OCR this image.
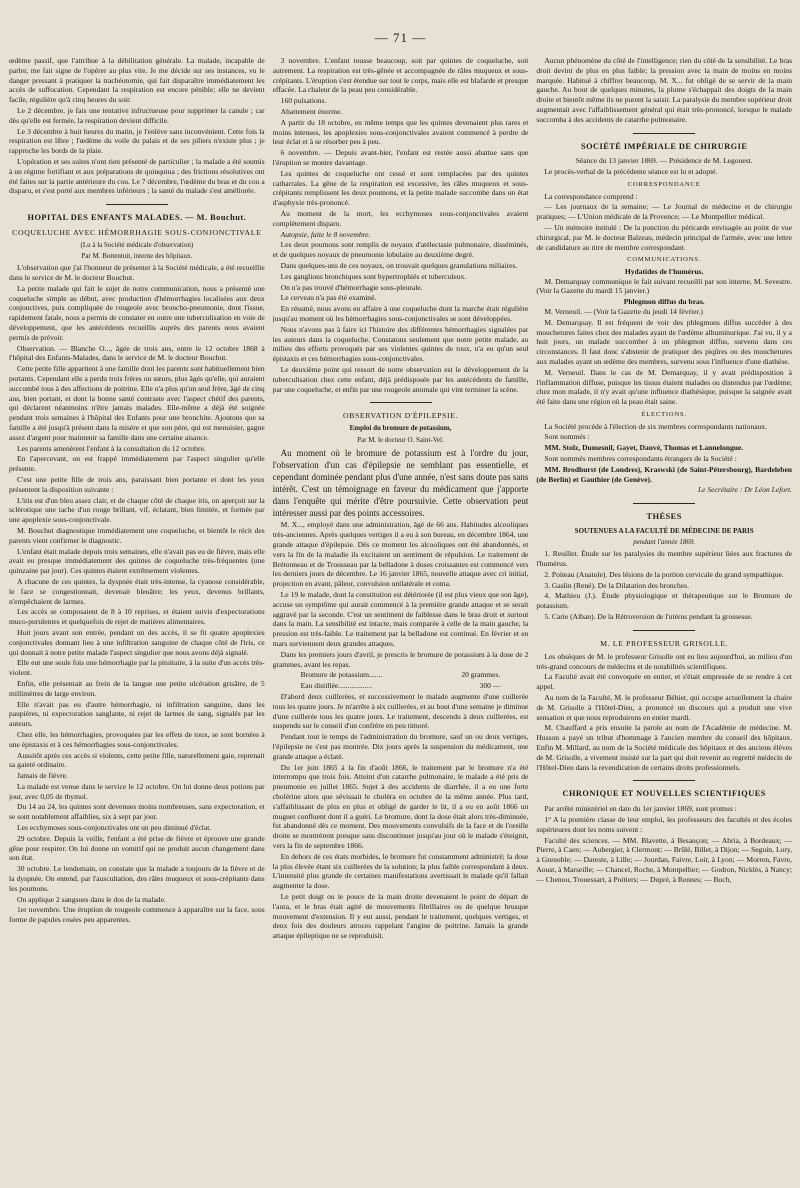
— 71 —

œdème passif, que l'attribue à la débilitation générale. La malade, incapable de parler, me fait signe de l'opérer au plus vite. Je me décide sur ses instances, vu le danger pressant à pratiquer la trachéotomie, qui fait disparaître immédiatement les accès de suffocation. Cependant la respiration est encore pénible; elle ne devient facile, régulière qu'à cinq heures du soir.

Le 2 décembre, je fais une tentative infructueuse pour supprimer la canule ; car dès qu'elle est fermée, la respiration devient difficile.

Le 3 décembre à huit heures du matin, je l'enlève sans inconvénient. Cette fois la respiration est libre ; l'œdème du voile du palais et de ses piliers n'existe plus ; je rapproche les bords de la plaie.

L'opération et ses suites n'ont rien présenté de particulier ; la malade a été soumis à un régime fortifiant et aux préparations de quinquina ; des frictions résolutives ont été faites sur la partie antérieure du cou. Le 7 décembre, l'œdème du bras et du cou a disparu, et s'est porté aux membres inférieurs ; la santé du malade s'est améliorée.

HOPITAL DES ENFANTS MALADES. — M. Bouchut.
COQUELUCHE AVEC HÉMORRHAGIE SOUS-CONJONCTIVALE
(Lu à la Société médicale d'observation)
Par M. Bottentuit, interne des hôpitaux.

L'observation que j'ai l'honneur de présenter à la Société médicale, a été recueillie dans le service de M. le docteur Bouchut.

La petite malade qui fait le sujet de notre communication, nous a présenté une coqueluche simple au début, avec production d'hémorrhagies localisées aux deux conjonctives, puis compliquée de rougeole avec broncho-pneumonie, dont l'issue, rapidement fatale, nous a permis de constater en outre une tuberculisation en voie de développement, que les antécédents recueillis auprès des parents nous avaient permis de prévoir.

Observation. — Blanche O..., âgée de trois ans, entre le 12 octobre 1868 à l'hôpital des Enfants-Malades, dans le service de M. le docteur Bouchut.

Cette petite fille appartient à une famille dont les parents sont habituellement bien portants. Cependant elle a perdu trois frères ou sœurs, plus âgés qu'elle, qui auraient succombé tous à des affections de poitrine. Elle n'a plus qu'un seul frère, âgé de cinq ans, bien portant, et dont la bonne santé contraste avec l'aspect chétif des parents, qui déclarent néanmoins n'être jamais malades. Elle-même a déjà été soignée pendant trois semaines à l'hôpital des Enfants pour une bronchite. Ajoutons que sa famille a été jusqu'à présent dans la misère et que son père, qui est menuisier, gagne assez d'argent pour maintenir sa famille dans une certaine aisance.

Les parents amenèrent l'enfant à la consultation du 12 octobre.

En l'apercevant, on est frappé immédiatement par l'aspect singulier qu'elle présente.

C'est une petite fille de trois ans, paraissant bien portante et dont les yeux présentent la disposition suivante :

L'iris est d'un bleu assez clair, et de chaque côté de chaque iris, on aperçoit sur la sclérotique une tache d'un rouge brillant, vif, éclatant, bien limitée, et formée par une apoplexie sous-conjonctivale.

M. Bouchut diagnostique immédiatement une coqueluche, et bientôt le récit des parents vient confirmer le diagnostic.

L'enfant était malade depuis trois semaines, elle n'avait pas eu de fièvre, mais elle avait eu presque immédiatement des quintes de coqueluche très-fréquentes (une quinzaine par jour). Ces quintes étaient extrêmement violentes.

A chacune de ces quintes, la dyspnée était très-intense, la cyanose considérable, le face se congestionnait, devenait bleuâtre; les yeux, devenus brillants, n'empêchaient de larmes.

Les accès se composaient de 8 à 10 reprises, et étaient suivis d'expectorations muco-purulentes et quelquefois de rejet de matières alimentaires.

Huit jours avant son entrée, pendant un des accès, il se fit quatre apoplexies conjonctivales donnant lieu à une infiltration sanguine de chaque côté de l'iris, ce qui donnait à notre petite malade l'aspect singulier que nous avons déjà signalé.

Elle eut une seule fois une hémorrhagie par la pituitaire, à la suite d'un accès très-violent.

Enfin, elle présentait au frein de la langue une petite ulcération grisâtre, de 5 millimètres de large environ.

Elle n'avait pas eu d'autre hémorrhagie, ni infiltration sanguine, dans les paupières, ni expectoration sanglante, ni rejet de larmes de sang, signalés par les auteurs.

Chez elle, les hémorrhagies, provoquées par les effets de toux, se sont bornées à une épistaxis et à ces hémorrhagies sous-conjonctivales.

Aussitôt après ces accès si violents, cette petite fille, naturellement gaie, reprenait sa gaieté ordinaire.

Jamais de fièvre.

La malade est venue dans le service le 12 octobre. On lui donne deux potions par jour, avec 0,05 de thymol.

Du 14 au 24, les quintes sont devenues moins nombreuses, sans expectoration, et se sont notablement affaiblies, six à sept par jour.

Les ecchymoses sous-conjonctivales ont un peu diminué d'éclat.

29 octobre. Depuis la veille, l'enfant a été prise de fièvre et éprouve une grande gêne pour respirer. On lui donne un vomitif qui ne produit aucun changement dans son état.

30 octobre. Le lendemain, on constate que la malade a toujours de la fièvre et de la dyspnée. On entend, par l'auscultation, des râles muqueux et sous-crépitants dans les poumons.

On applique 2 sangsues dans le dos de la malade.

1er novembre. Une éruption de rougeole commence à apparaître sur la face, sous forme de papules rosées peu apparentes.

3 novembre. L'enfant tousse beaucoup, soit par quintes de coqueluche, soit autrement. La respiration est très-gênée et accompagnée de râles muqueux et sous-crépitants. L'éruption s'est étendue sur tout le corps, mais elle est blafarde et presque effacée. La chaleur de la peau peu considérable.

160 pulsations.

Abattement énorme.

A partir du 18 octobre, en même temps que les quintes devenaient plus rares et moins intenses, les apoplexies sous-conjonctivales avaient commencé à perdre de leur éclat et à se résorber peu à peu.

6 novembre. — Depuis avant-hier, l'enfant est restée aussi abattue sans que l'éruption se montre davantage.

Les quintes de coqueluche ont cessé et sont remplacées par des quintes catharrales. La gêne de la respiration est excessive, les râles muqueux et sous-crépitants remplissent les deux poumons, et la petite malade succombe dans un état d'asphyxie très-prononcé.

Au moment de la mort, les ecchymoses sous-conjonctivales avaient complètement disparu.

Autopsie, faite le 8 novembre.

Les deux poumons sont remplis de noyaux d'atélectasie pulmonaire, disséminés, et de quelques noyaux de pneumonie lobulaire au deuxième degré.

Dans quelques-uns de ces noyaux, on trouvait quelques granulations miliaires.

Les ganglions bronchiques sont hypertrophiés et tuberculeux.

On n'a pas trouvé d'hémorrhagie sous-pleurale.

Le cerveau n'a pas été examiné.

En résumé, nous avons eu affaire à une coqueluche dont la marche était régulière jusqu'au moment où les hémorrhagies sous-conjonctivales se sont développées.

Nous n'avons pas à faire ici l'histoire des différentes hémorrhagies signalées par les auteurs dans la coqueluche. Constatons seulement que notre petite malade, au milieu des efforts provoqués par ses violentes quintes de toux, n'a eu qu'un seul épistaxis et ces hémorrhagies sous-conjonctivales.

Le deuxième point qui ressort de notre observation est le développement de la tuberculisation chez cette enfant, déjà prédisposée par les antécédents de famille, par une coqueluche, et enfin par une rougeole anomale qui vint terminer la scène.

OBSERVATION D'ÉPILEPSIE.
Emploi du bromure de potassium,
Par M. le docteur O. Saint-Vel.

Au moment où le bromure de potassium est à l'ordre du jour, l'observation d'un cas d'épilepsie ne semblant pas essentielle, et cependant dominée pendant plus d'une année, n'est sans doute pas sans intérêt. C'est un témoignage en faveur du médicament que j'apporte dans l'enquête qui mérite d'être poursuivie. Cette observation peut intéresser aussi par des points accessoires.

M. X..., employé dans une administration, âgé de 66 ans. Habitudes alcooliques très-anciennes. Après quelques vertiges il a eu à son bureau, en décembre 1864, une grande attaque d'épilepsie. Dès ce moment les alcooliques ont été abandonnés, et vers la fin de la maladie ils excitaient un sentiment de répulsion. Le traitement de Brétonneau et de Trousseau par la belladone à doses croissantes est commencé vers les derniers jours de décembre. Le 16 janvier 1865, nouvelle attaque avec cri initial, projection en avant, pâleur, convulsion unilatérale et coma.

Le 19 le malade, dont la constitution est détériorée (il est plus vieux que son âge), accuse un symptôme qui aurait commencé à la première grande attaque et se serait aggravé par la seconde. C'est un sentiment de faiblesse dans le bras droit et surtout dans la main. La sensibilité est intacte, mais comparée à celle de la main gauche, la pression est très-faible. Le traitement par la belladone est continué. En février et en mars surviennent deux grandes attaques.

Dans les premiers jours d'avril, je prescris le bromure de potassium à la dose de 2 grammes, avant les repas.

Bromure de potassium.......	20 grammes.
Eau distillée..................	300 —

D'abord deux cuillerées, et successivement le malade augmente d'une cuillerée tous les quatre jours. Je m'arrête à six cuillerées, et au bout d'une semaine je diminue d'une cuillerée tous les quatre jours. Le traitement, descendu à deux cuillerées, est suspendu sur le conseil d'un confrère en peu timoré.

Pendant tout le temps de l'administration du bromure, sauf un ou deux vertiges, l'épilepsie ne s'est pas montrée. Dix jours après la suspension du médicament, une grande attaque a éclaté.

Du 1er juin 1865 à la fin d'août 1866, le traitement par le bromure n'a été interrompu que trois fois. Atteint d'un catarrhe pulmonaire, le malade a été pris de pneumonie en juillet 1865. Sujet à des accidents de diarrhée, il a eu une forte cholérine alors que sévissait le choléra en octobre de la même année. Plus tard, s'affaiblissant de plus en plus et obligé de garder le lit, il a eu en août 1866 un muguet confluent dont il a guéri. Le bromure, dont la dose était alors très-diminuée, fut abandonné dès ce moment. Des mouvements convulsifs de la face et de l'oreille droite se montrèrent presque sans discontinuer jusqu'au jour où le malade s'éteignit, vers la fin de septembre 1866.

En dehors de ces états morbides, le bromure fut constamment administré; la dose la plus élevée étant six cuillerées de la solution; la plus faible correspondant à deux. L'intensité plus grande de certaines manifestations avertissait le malade qu'il fallait augmenter la dose.

Le petit doigt ou le pouce de la main droite devenaient le point de départ de l'aura, et le bras était agité de mouvements fibrillaires ou de quelque brusque mouvement d'extension. Il y eut aussi, pendant le traitement, quelques vertiges, et deux fois des douleurs atroces rappelant l'angine de poitrine. Jamais la grande attaque épileptique ne se reproduisit.

Aucun phénomène du côté de l'intelligence; rien du côté de la sensibilité. Le bras droit devint de plus en plus faible; la pression avec la main de moins en moins marquée. Habitué à chiffrer beaucoup, M. X... fut obligé de se servir de la main gauche. Au bout de quelques minutes, la plume s'échappait des doigts de la main droite et bientôt même ils ne purent la saisir. La paralysie du membre supérieur droit augmentait avec l'affaiblissement général qui était très-prononcé, lorsque le malade succomba à des accidents de catarrhe pulmonaire.

SOCIÉTÉ IMPÉRIALE DE CHIRURGIE

Séance du 13 janvier 1869. — Présidence de M. Legouest.

Le procès-verbal de la précédente séance est lu et adopté.

CORRESPONDANCE

La correspondance comprend :

— Les journaux de la semaine; — Le Journal de médecine et de chirurgie pratiques; — L'Union médicale de la Provence; — Le Montpellier médical.

— Un mémoire intitulé : De la ponction du péricarde envisagée au point de vue chirurgical, par M. le docteur Balzeau, médecin principal de l'armée, avec une lettre de candidature au titre de membre correspondant.

COMMUNICATIONS.
Hydatides de l'humérus.

M. Demarquay communique le fait suivant recueilli par son interne, M. Sevestre. (Voir la Gazette du mardi 15 janvier.)

Phlegmon diffus du bras.

M. Verneuil. — (Voir la Gazette du jeudi 14 février.)

M. Demarquay. Il est fréquent de voir des phlegmons diffus succéder à des mouchetures faites chez des malades ayant de l'œdème albuminurique. J'ai vu, il y a huit jours, un malade succomber à un phlegmon diffus, survenu dans ces circonstances. Il faut donc s'abstenir de pratiquer des piqûres ou des mouchetures aux malades ayant un œdème des membres, survenu sous l'influence d'une diathèse.

M. Verneuil. Dans le cas de M. Demarquay, il y avait prédisposition à l'inflammation diffuse, puisque les tissus étaient malades ou distendus par l'œdème; chez mon malade, il n'y avait qu'une influence diathésique, puisque la saignée avait été faite dans une région où la peau était saine.

ÉLECTIONS.

La Société procède à l'élection de six membres correspondants nationaux.

Sont nommés :

MM. Stolz, Dumesnil, Gayet, Dauvé, Thomas et Lannelongue.

Sont nommés membres correspondants étrangers de la Société :

MM. Brodhurst (de Londres), Kraswski (de Saint-Pétersbourg), Bardeleben (de Berlin) et Gauthier (de Genève).

Le Secrétaire : Dr Léon Lefort.

THÈSES
SOUTENUES A LA FACULTÉ DE MÉDECINE DE PARIS
pendant l'année 1869.

1. Reuillet. Étude sur les paralysies du membre supérieur liées aux fractures de l'humérus.

2. Poiteau (Anatole). Des lésions de la portion cervicale du grand sympathique.

3. Gaslin (René). De la Dilatation des bronches.

4. Mathieu (J.). Étude physiologique et thérapeutique sur le Bromure de potassium.

5. Carie (Alban). De la Rétroversion de l'utérus pendant la grossesse.

M. LE PROFESSEUR GRISOLLE.

Les obsèques de M. le professeur Grisolle ont eu lieu aujourd'hui, au milieu d'un très-grand concours de médecins et de notabilités scientifiques.

La Faculté avait été convoquée en entier, et s'était empressée de se rendre à cet appel.

Au nom de la Faculté, M. le professeur Béhier, qui occupe actuellement la chaire de M. Grisolle à l'Hôtel-Dieu, a prononcé un discours qui a produit une vive sensation et que nous reproduirons en entier mardi.

M. Chauffard a pris ensuite la parole au nom de l'Académie de médecine. M. Husson a payé un tribut d'hommage à l'ancien membre du conseil des hôpitaux. Enfin M. Millard, au nom de la Société médicale des hôpitaux et des anciens élèves de M. Grisolle, a vivement insisté sur la part qui doit revenir au regretté médecin de l'Hôtel-Dieu dans la revendication de certains droits professionnels.

CHRONIQUE ET NOUVELLES SCIENTIFIQUES

Par arrêté ministériel en date du 1er janvier 1869, sont promus :

1° A la première classe de leur emploi, les professeurs des facultés et des écoles supérieures dont les noms suivent :

Faculté des sciences. — MM. Blavette, à Besançon; — Abria, à Bordeaux; — Pierre, à Caen; — Aubergier, à Clermont; — Brûlé, Billet, à Dijon; — Seguin, Lory, à Grenoble; — Dareste, à Lille; — Jourdan, Faivre, Loir, à Lyon; — Morren, Favre, Aoust, à Marseille; — Chancel, Roche, à Montpellier; — Godron, Nicklès, à Nancy; — Chenou, Trouessart, à Poitiers; — Dupré, à Rennes; — Boch,
